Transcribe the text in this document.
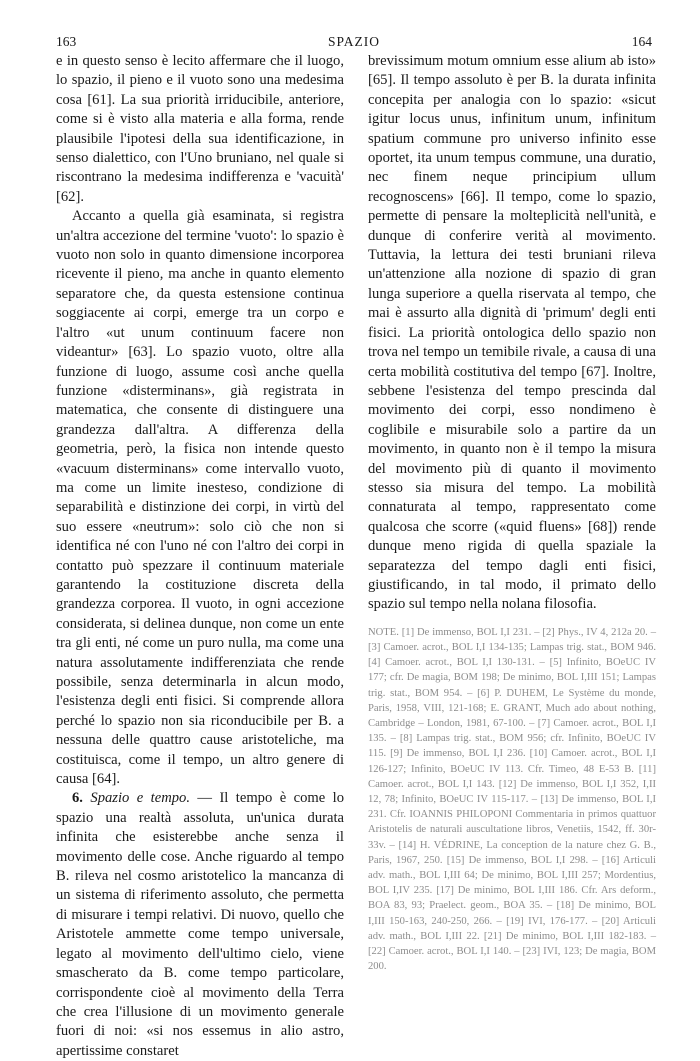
163	SPAZIO	164

e in questo senso è lecito affermare che il luogo, lo spazio, il pieno e il vuoto sono una medesima cosa [61]. La sua priorità irriducibile, anteriore, come si è visto alla materia e alla forma, rende plausibile l'ipotesi della sua identificazione, in senso dialettico, con l'Uno bruniano, nel quale si riscontrano la medesima indifferenza e 'vacuità' [62].

Accanto a quella già esaminata, si registra un'altra accezione del termine 'vuoto': lo spazio è vuoto non solo in quanto dimensione incorporea ricevente il pieno, ma anche in quanto elemento separatore che, da questa estensione continua soggiacente ai corpi, emerge tra un corpo e l'altro «ut unum continuum facere non videantur» [63]. Lo spazio vuoto, oltre alla funzione di luogo, assume così anche quella funzione «disterminans», già registrata in matematica, che consente di distinguere una grandezza dall'altra. A differenza della geometria, però, la fisica non intende questo «vacuum disterminans» come intervallo vuoto, ma come un limite inesteso, condizione di separabilità e distinzione dei corpi, in virtù del suo essere «neutrum»: solo ciò che non si identifica né con l'uno né con l'altro dei corpi in contatto può spezzare il continuum materiale garantendo la costituzione discreta della grandezza corporea. Il vuoto, in ogni accezione considerata, si delinea dunque, non come un ente tra gli enti, né come un puro nulla, ma come una natura assolutamente indifferenziata che rende possibile, senza determinarla in alcun modo, l'esistenza degli enti fisici. Si comprende allora perché lo spazio non sia riconducibile per B. a nessuna delle quattro cause aristoteliche, ma costituisca, come il tempo, un altro genere di causa [64].

6. Spazio e tempo. — Il tempo è come lo spazio una realtà assoluta, un'unica durata infinita che esisterebbe anche senza il movimento delle cose. Anche riguardo al tempo B. rileva nel cosmo aristotelico la mancanza di un sistema di riferimento assoluto, che permetta di misurare i tempi relativi. Di nuovo, quello che Aristotele ammette come tempo universale, legato al movimento dell'ultimo cielo, viene smascherato da B. come tempo particolare, corrispondente cioè al movimento della Terra che crea l'illusione di un movimento generale fuori di noi: «si nos essemus in alio astro, apertissime constaret

brevissimum motum omnium esse alium ab isto» [65]. Il tempo assoluto è per B. la durata infinita concepita per analogia con lo spazio: «sicut igitur locus unus, infinitum unum, infinitum spatium commune pro universo infinito esse oportet, ita unum tempus commune, una duratio, nec finem neque principium ullum recognoscens» [66]. Il tempo, come lo spazio, permette di pensare la molteplicità nell'unità, e dunque di conferire verità al movimento. Tuttavia, la lettura dei testi bruniani rileva un'attenzione alla nozione di spazio di gran lunga superiore a quella riservata al tempo, che mai è assurto alla dignità di 'primum' degli enti fisici. La priorità ontologica dello spazio non trova nel tempo un temibile rivale, a causa di una certa mobilità costitutiva del tempo [67]. Inoltre, sebbene l'esistenza del tempo prescinda dal movimento dei corpi, esso nondimeno è coglibile e misurabile solo a partire da un movimento, in quanto non è il tempo la misura del movimento più di quanto il movimento stesso sia misura del tempo. La mobilità connaturata al tempo, rappresentato come qualcosa che scorre («quid fluens» [68]) rende dunque meno rigida di quella spaziale la separatezza del tempo dagli enti fisici, giustificando, in tal modo, il primato dello spazio sul tempo nella nolana filosofia.

NOTE. [1] De immenso, BOL I,I 231. – [2] Phys., IV 4, 212a 20. – [3] Camoer. acrot., BOL I,I 134-135; Lampas trig. stat., BOM 946. [4] Camoer. acrot., BOL I,I 130-131. – [5] Infinito, BOeUC IV 177; cfr. De magia, BOM 198; De minimo, BOL I,III 151; Lampas trig. stat., BOM 954. – [6] P. DUHEM, Le Système du monde, Paris, 1958, VIII, 121-168; E. GRANT, Much ado about nothing, Cambridge – London, 1981, 67-100. – [7] Camoer. acrot., BOL I,I 135. – [8] Lampas trig. stat., BOM 956; cfr. Infinito, BOeUC IV 115. [9] De immenso, BOL I,I 236. [10] Camoer. acrot., BOL I,I 126-127; Infinito, BOeUC IV 113. Cfr. Timeo, 48 E-53 B. [11] Camoer. acrot., BOL I,I 143. [12] De immenso, BOL I,I 352, I,II 12, 78; Infinito, BOeUC IV 115-117. – [13] De immenso, BOL I,I 231. Cfr. IOANNIS PHILOPONI Commentaria in primos quattuor Aristotelis de naturali auscultatione libros, Venetiis, 1542, ff. 30r-33v. – [14] H. VÉDRINE, La conception de la nature chez G. B., Paris, 1967, 250. [15] De immenso, BOL I,I 298. – [16] Articuli adv. math., BOL I,III 64; De minimo, BOL I,III 257; Mordentius, BOL I,IV 235. [17] De minimo, BOL I,III 186. Cfr. Ars deform., BOA 83, 93; Praelect. geom., BOA 35. – [18] De minimo, BOL I,III 150-163, 240-250, 266. – [19] IVI, 176-177. – [20] Articuli adv. math., BOL I,III 22. [21] De minimo, BOL I,III 182-183. – [22] Camoer. acrot., BOL I,I 140. – [23] IVI, 123; De magia, BOM 200.
